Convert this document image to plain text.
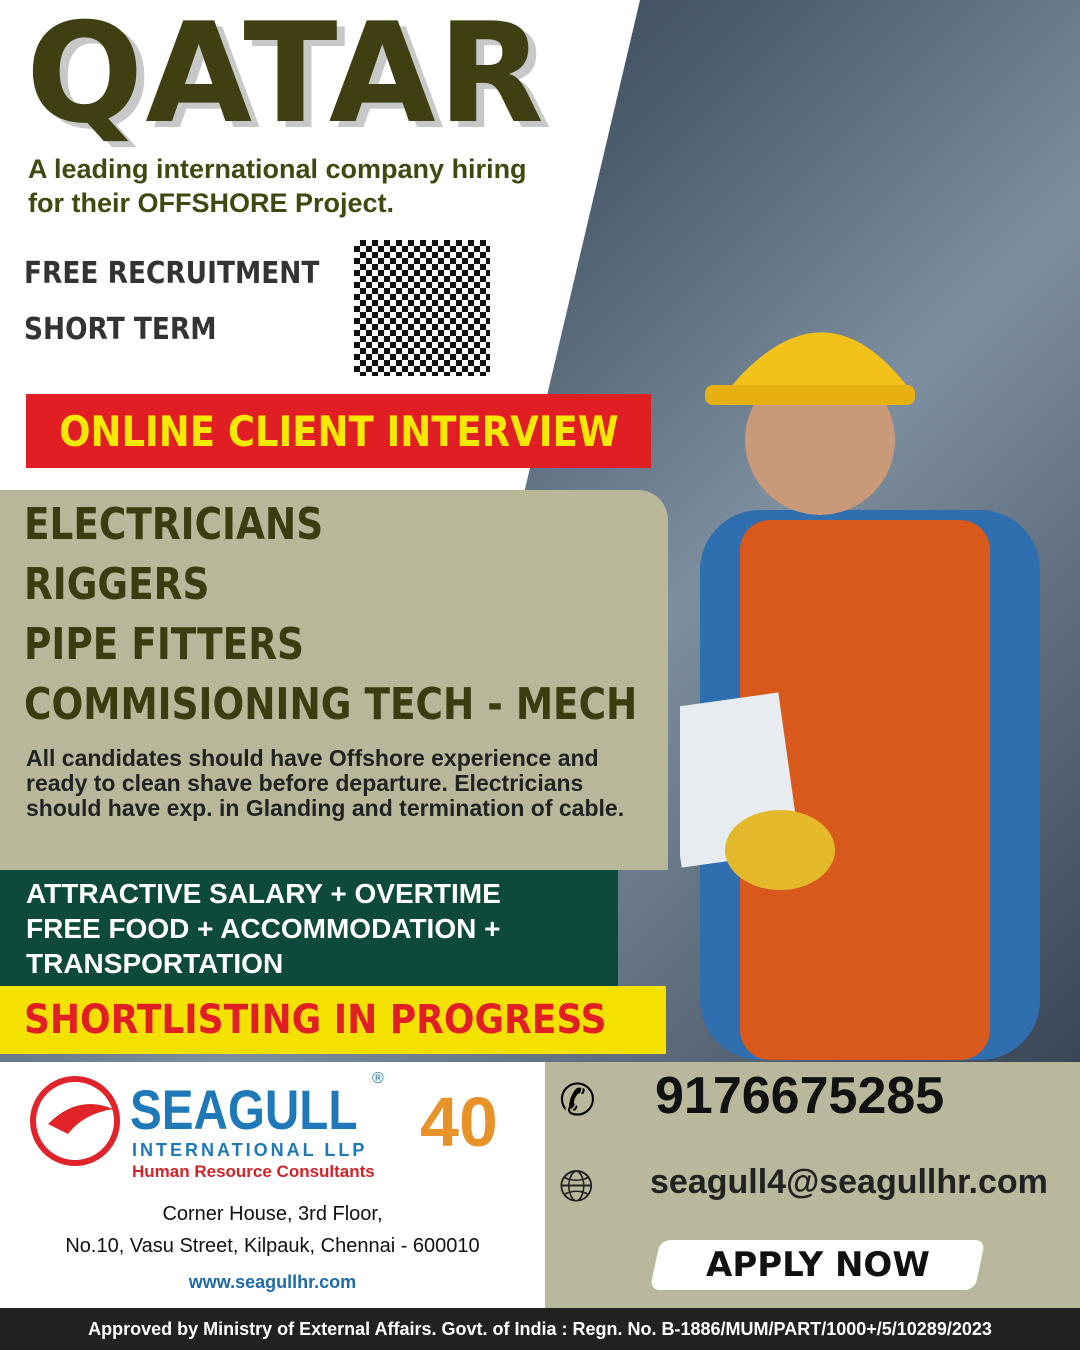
QATAR
A leading international company hiring
for their OFFSHORE Project.
FREE RECRUITMENT
SHORT TERM
ONLINE CLIENT INTERVIEW
ELECTRICIANS
RIGGERS
PIPE FITTERS
COMMISIONING TECH - MECH
All candidates should have Offshore experience and ready to clean shave before departure. Electricians should have exp. in Glanding and termination of cable.
ATTRACTIVE SALARY + OVERTIME
FREE FOOD + ACCOMMODATION +
TRANSPORTATION
SHORTLISTING IN PROGRESS
SEAGULL ®
INTERNATIONAL LLP
Human Resource Consultants
40
Corner House, 3rd Floor,
No.10, Vasu Street, Kilpauk, Chennai - 600010
www.seagullhr.com
✆ 9176675285
🌐︎ seagull4@seagullhr.com
APPLY NOW
Approved by Ministry of External Affairs. Govt. of India : Regn. No. B-1886/MUM/PART/1000+/5/10289/2023
